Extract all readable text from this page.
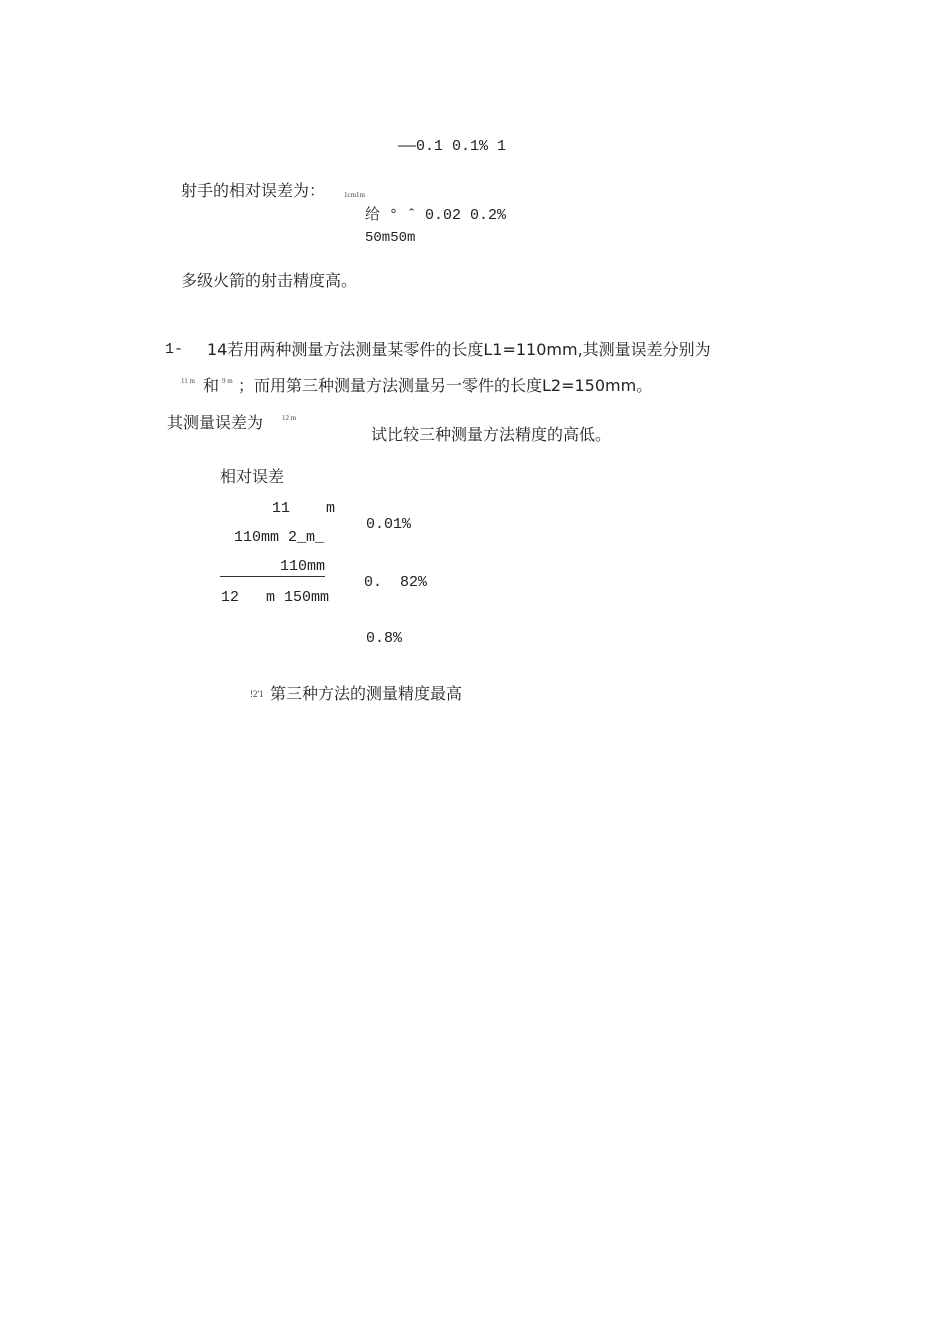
——0.1 0.1% 1
射手的相对误差为：	1cm1m
给 ° ˆ 0.02 0.2%
50m50m
多级火箭的射击精度高。
1- 14若用两种测量方法测量某零件的长度L1=110mm,其测量误差分别为
11 m 和 9 m ；而用第三种测量方法测量另一零件的长度L2=150mm。
其测量误差为	12 m
试比较三种测量方法精度的高低。
相对误差
11    m
110mm 2_m_
110mm
12   m 150mm
0.01%
0.  82%
0.8%
!2'1 第三种方法的测量精度最高
